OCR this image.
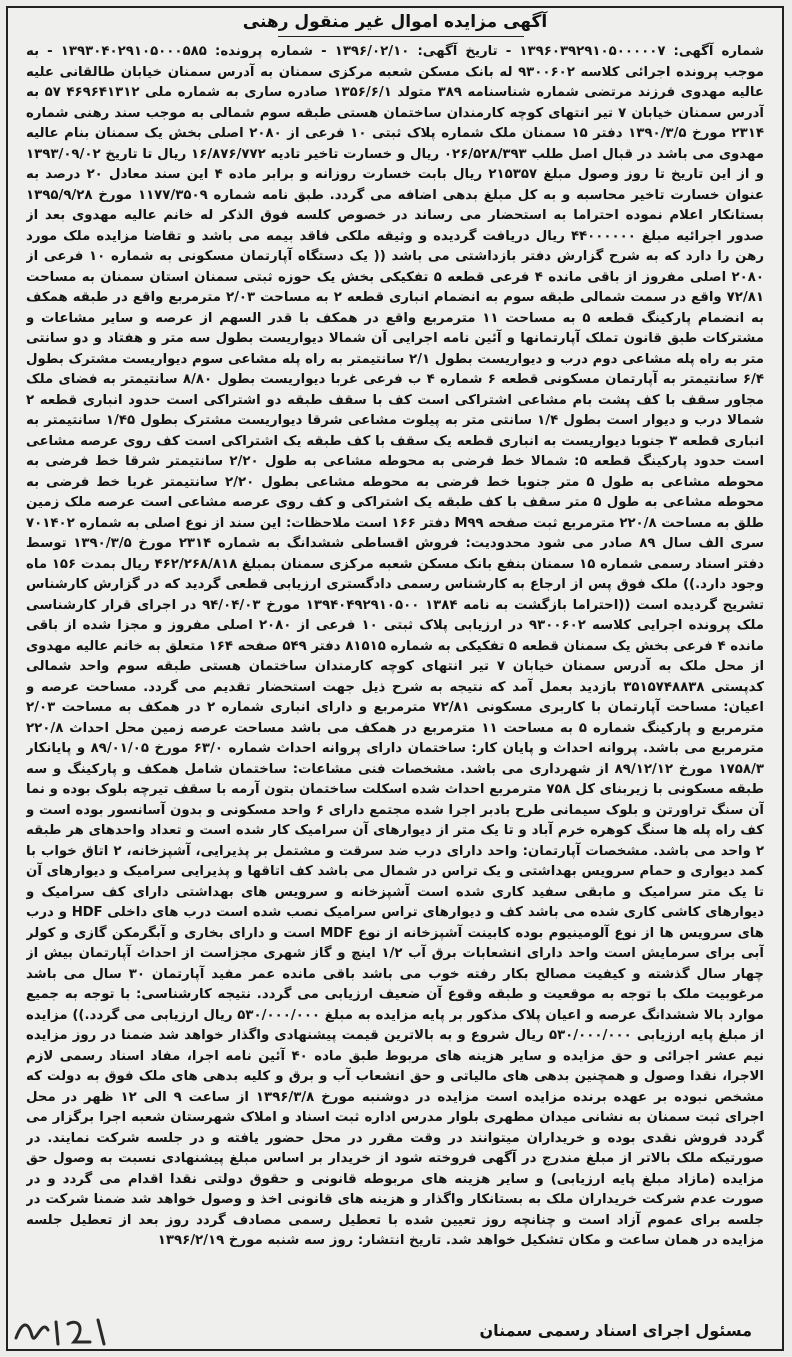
آگهی مزایده اموال غیر منقول رهنی

شماره آگهی: ۱۳۹۶۰۳۹۲۹۱۰۵۰۰۰۰۰۷ - تاریخ آگهی: ۱۳۹۶/۰۲/۱۰ - شماره پرونده: ۱۳۹۳۰۴۰۲۹۱۰۵۰۰۰۵۸۵ - به موجب پرونده اجرائی کلاسه ۹۳۰۰۶۰۲ له بانک مسکن شعبه مرکزی سمنان به آدرس سمنان خیابان طالقانی علیه عالیه مهدوی فرزند مرتضی شماره شناسنامه ۳۸۹ متولد ۱۳۵۶/۶/۱ صادره ساری به شماره ملی ۴۶۹۶۴۱۳۱۲ ۵۷ به آدرس سمنان خیابان ۷ تیر انتهای کوچه کارمندان ساختمان هستی طبقه سوم شمالی به موجب سند رهنی شماره ۲۳۱۴ مورخ ۱۳۹۰/۳/۵ دفتر ۱۵ سمنان ملک شماره پلاک ثبتی ۱۰ فرعی از ۲۰۸۰ اصلی بخش یک سمنان بنام عالیه مهدوی می باشد در قبال اصل طلب ۰۲۶/۵۲۸/۳۹۳ ریال و خسارت تاخیر تادیه ۱۶/۸۷۶/۷۷۲ ریال تا تاریخ ۱۳۹۳/۰۹/۰۲ و از این تاریخ تا روز وصول مبلغ ۲۱۵۳۵۷ ریال بابت خسارت روزانه و برابر ماده ۴ این سند معادل ۲۰ درصد به عنوان خسارت تاخیر محاسبه و به کل مبلغ بدهی اضافه می گردد. طبق نامه شماره ۱۱۷۷/۳۵۰۹ مورخ ۱۳۹۵/۹/۲۸ بستانکار اعلام نموده احتراما به استحضار می رساند در خصوص کلسه فوق الذکر له خانم عالیه مهدوی بعد از صدور اجرائیه مبلغ ۴۴۰۰۰۰۰۰ ریال دریافت گردیده و وثیقه ملکی فاقد بیمه می باشد و تقاضا مزایده ملک مورد رهن را دارد که به شرح گزارش دفتر بازداشتی می باشد (( یک دستگاه آپارتمان مسکونی به شماره ۱۰ فرعی از ۲۰۸۰ اصلی مفروز از باقی مانده ۴ فرعی قطعه ۵ تفکیکی بخش یک حوزه ثبتی سمنان استان سمنان به مساحت ۷۲/۸۱ واقع در سمت شمالی طبقه سوم به انضمام انباری قطعه ۲ به مساحت ۲/۰۳ مترمربع واقع در طبقه همکف به انضمام پارکینگ قطعه ۵ به مساحت ۱۱ مترمربع واقع در همکف با قدر السهم از عرصه و سایر مشاعات و مشترکات طبق قانون تملک آپارتمانها و آئین نامه اجرایی آن شمالا دیواریست بطول سه متر و هفتاد و دو سانتی متر به راه پله مشاعی دوم درب و دیواریست بطول ۲/۱ سانتیمتر به راه پله مشاعی سوم دیواریست مشترک بطول ۶/۴ سانتیمتر به آپارتمان مسکونی قطعه ۶ شماره ۴ ب فرعی غربا دیواریست بطول ۸/۸۰ سانتیمتر به فضای ملک مجاور سقف با کف پشت بام مشاعی اشتراکی است کف با سقف طبقه دو اشتراکی است حدود انباری قطعه ۲ شمالا درب و دیوار است بطول ۱/۴ سانتی متر به پیلوت مشاعی شرقا دیواریست مشترک بطول ۱/۴۵ سانتیمتر به انباری قطعه ۳ جنوبا دیواریست به انباری قطعه یک سقف با کف طبقه یک اشتراکی است کف روی عرصه مشاعی است حدود پارکینگ قطعه ۵: شمالا خط فرضی به محوطه مشاعی به طول ۲/۲۰ سانتیمتر شرقا خط فرضی به محوطه مشاعی به طول ۵ متر جنوبا خط فرضی به محوطه مشاعی بطول ۲/۲۰ سانتیمتر غربا خط فرضی به محوطه مشاعی به طول ۵ متر سقف با کف طبقه یک اشتراکی و کف روی عرصه مشاعی است عرصه ملک زمین طلق به مساحت ۲۲۰/۸ مترمربع ثبت صفحه M۹۹ دفتر ۱۶۶ است ملاحظات: این سند از نوع اصلی به شماره ۷۰۱۴۰۲ سری الف سال ۸۹ صادر می شود محدودیت: فروش اقساطی ششدانگ به شماره ۲۳۱۴ مورخ ۱۳۹۰/۳/۵ توسط دفتر اسناد رسمی شماره ۱۵ سمنان بنفع بانک مسکن شعبه مرکزی سمنان بمبلغ ۴۶۲/۲۶۸/۸۱۸ ریال بمدت ۱۵۶ ماه وجود دارد.)) ملک فوق پس از ارجاع به کارشناس رسمی دادگستری ارزیابی قطعی گردید که در گزارش کارشناس تشریح گردیده است ((احتراما بازگشت به نامه ۱۳۸۴ ۱۳۹۴۰۴۹۲۹۱۰۵۰۰ مورخ ۹۴/۰۴/۰۳ در اجرای قرار کارشناسی ملک پرونده اجرایی کلاسه ۹۳۰۰۶۰۲ در ارزیابی پلاک ثبتی ۱۰ فرعی از ۲۰۸۰ اصلی مفروز و مجزا شده از باقی مانده ۴ فرعی بخش یک سمنان قطعه ۵ تفکیکی به شماره ۸۱۵۱۵ دفتر ۵۴۹ صفحه ۱۶۴ متعلق به خانم عالیه مهدوی از محل ملک به آدرس سمنان خیابان ۷ تیر انتهای کوچه کارمندان ساختمان هستی طبقه سوم واحد شمالی کدپستی ۳۵۱۵۷۴۸۸۳۸ بازدید بعمل آمد که نتیجه به شرح ذیل جهت استحضار تقدیم می گردد. مساحت عرصه و اعیان: مساحت آپارتمان با کاربری مسکونی ۷۲/۸۱ مترمربع و دارای انباری شماره ۲ در همکف به مساحت ۲/۰۳ مترمربع و پارکینگ شماره ۵ به مساحت ۱۱ مترمربع در همکف می باشد مساحت عرصه زمین محل احداث ۲۲۰/۸ مترمربع می باشد. پروانه احداث و پایان کار: ساختمان دارای پروانه احداث شماره ۶۳/۰ مورخ ۸۹/۰۱/۰۵ و پایانکار ۱۷۵۸/۳ مورخ ۸۹/۱۲/۱۲ از شهرداری می باشد. مشخصات فنی مشاعات: ساختمان شامل همکف و پارکینگ و سه طبقه مسکونی با زیربنای کل ۷۵۸ مترمربع احداث شده اسکلت ساختمان بتون آرمه با سقف تیرچه بلوک بوده و نما آن سنگ تراورتن و بلوک سیمانی طرح بادبر اجرا شده مجتمع دارای ۶ واحد مسکونی و بدون آسانسور بوده است و کف راه پله ها سنگ کوهره خرم آباد و تا یک متر از دیوارهای آن سرامیک کار شده است و تعداد واحدهای هر طبقه ۲ واحد می باشد. مشخصات آپارتمان: واحد دارای درب ضد سرقت و مشتمل بر پذیرایی، آشپزخانه، ۲ اتاق خواب با کمد دیواری و حمام سرویس بهداشتی و یک تراس در شمال می باشد کف اتاقها و پذیرایی سرامیک و دیوارهای آن تا یک متر سرامیک و مابقی سفید کاری شده است آشپزخانه و سرویس های بهداشتی دارای کف سرامیک و دیوارهای کاشی کاری شده می باشد کف و دیوارهای تراس سرامیک نصب شده است درب های داخلی HDF و درب های سرویس ها از نوع آلومینیوم بوده کابینت آشپزخانه از نوع MDF است و دارای بخاری و آبگرمکن گازی و کولر آبی برای سرمایش است واحد دارای انشعابات برق آب ۱/۲ اینچ و گاز شهری مجزاست از احداث آپارتمان بیش از چهار سال گذشته و کیفیت مصالح بکار رفته خوب می باشد باقی مانده عمر مفید آپارتمان ۳۰ سال می باشد مرغوبیت ملک با توجه به موقعیت و طبقه وقوع آن ضعیف ارزیابی می گردد. نتیجه کارشناسی: با توجه به جمیع موارد بالا ششدانگ عرصه و اعیان پلاک مذکور بر پایه مزایده به مبلغ ۵۳۰/۰۰۰/۰۰۰ ریال ارزیابی می گردد.)) مزایده از مبلغ پایه ارزیابی ۵۳۰/۰۰۰/۰۰۰ ریال شروع و به بالاترین قیمت پیشنهادی واگذار خواهد شد ضمنا در روز مزایده نیم عشر اجرائی و حق مزایده و سایر هزینه های مربوط طبق ماده ۴۰ آئین نامه اجرا، مفاد اسناد رسمی لازم الاجرا، نقدا وصول و همچنین بدهی های مالیاتی و حق انشعاب آب و برق و کلیه بدهی های ملک فوق به دولت که مشخص نبوده بر عهده برنده مزایده است مزایده در دوشنبه مورخ ۱۳۹۶/۳/۸ از ساعت ۹ الی ۱۲ ظهر در محل اجرای ثبت سمنان به نشانی میدان مطهری بلوار مدرس اداره ثبت اسناد و املاک شهرستان شعبه اجرا برگزار می گردد فروش نقدی بوده و خریداران میتوانند در وقت مقرر در محل حضور یافته و در جلسه شرکت نمایند. در صورتیکه ملک بالاتر از مبلغ مندرج در آگهی فروخته شود از خریدار بر اساس مبلغ پیشنهادی نسبت به وصول حق مزایده (مازاد مبلغ پایه ارزیابی) و سایر هزینه های مربوطه قانونی و حقوق دولتی نقدا اقدام می گردد و در صورت عدم شرکت خریداران ملک به بستانکار واگذار و هزینه های قانونی اخذ و وصول خواهد شد ضمنا شرکت در جلسه برای عموم آزاد است و چنانچه روز تعیین شده با تعطیل رسمی مصادف گردد روز بعد از تعطیل جلسه مزایده در همان ساعت و مکان تشکیل خواهد شد. تاریخ انتشار: روز سه شنبه مورخ ۱۳۹۶/۲/۱۹

مسئول اجرای اسناد رسمی سمنان
